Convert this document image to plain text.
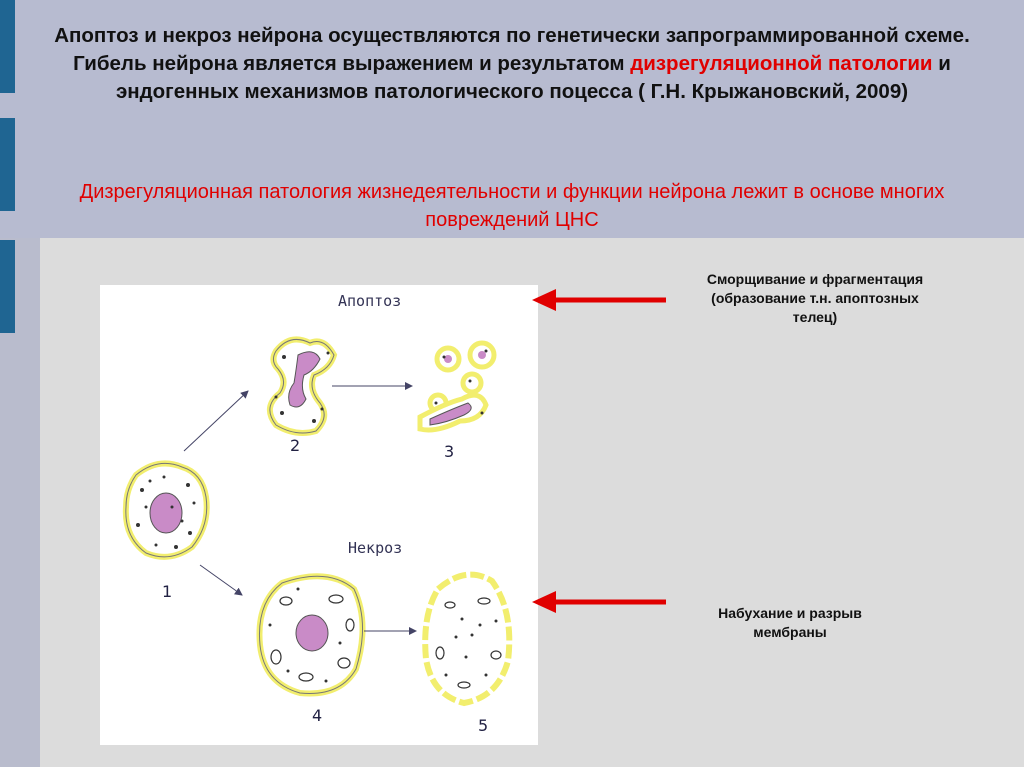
Апоптоз и некроз нейрона осуществляются по генетически запрограммированной схеме. Гибель нейрона является выражением и результатом дизрегуляционной патологии и эндогенных механизмов патологического поцесса ( Г.Н. Крыжановский, 2009)
Дизрегуляционная патология жизнедеятельности и функции нейрона лежит в основе многих повреждений ЦНС
Апоптоз
Некроз
1
2	3
4
5
Сморщивание и фрагментация (образование т.н. апоптозных телец)
Набухание и разрыв мембраны
